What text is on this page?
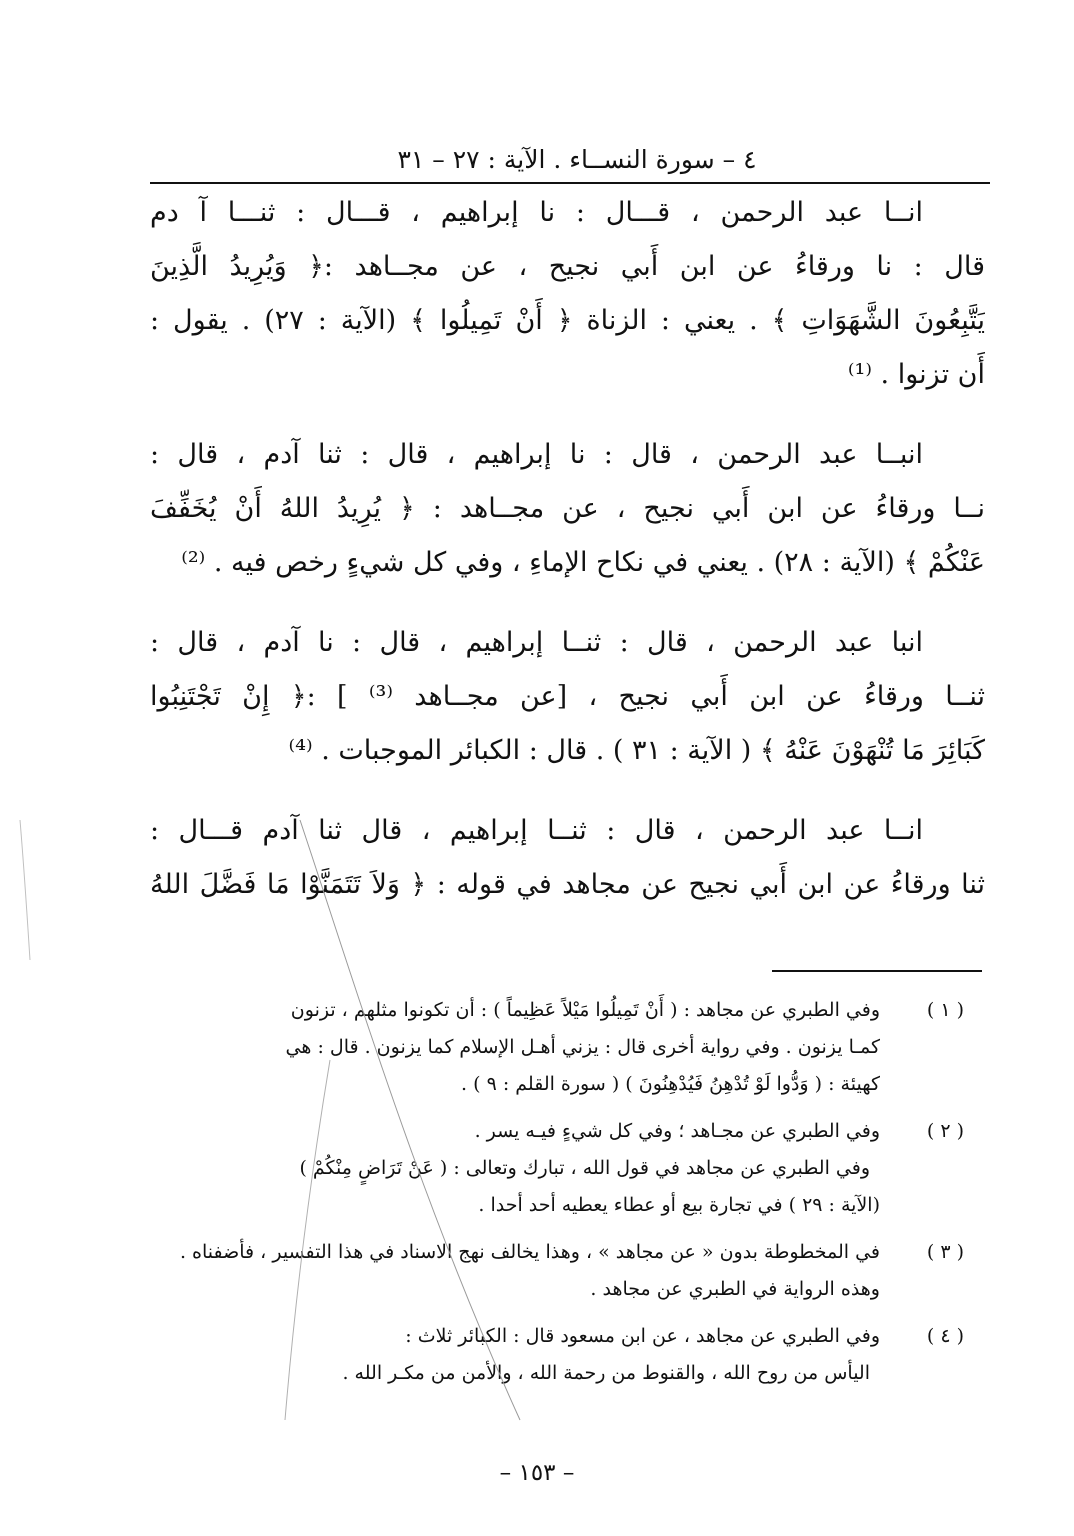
٤ – سورة النســاء . الآية : ٢٧ – ٣١
انــا عبد الرحمن ، قـــال : نا إبراهيم ، قـــال : ثنـــا آ دم
قال : نا ورقاءُ عن ابن أَبي نجيح ، عن مجــاهد :﴿ وَيُرِيدُ الَّذِينَ
يَتَّبِعُونَ الشَّهَوَاتِ ﴾ . يعني : الزناة ﴿ أَنْ تَمِيلُوا ﴾ (الآية : ٢٧) . يقول :
أَن تزنوا . ⁽¹⁾
انبــا عبد الرحمن ، قال : نا إبراهيم ، قال : ثنا آدم ، قال :
نــا ورقاءُ عن ابن أَبي نجيح ، عن مجــاهد : ﴿ يُرِيدُ اللهُ أَنْ يُخَفِّفَ
عَنْكُمْ ﴾ (الآية : ٢٨) . يعني في نكاح الإماءِ ، وفي كل شيءٍ رخص فيه . ⁽²⁾
انبا عبد الرحمن ، قال : ثنــا إبراهيم ، قال : نا آدم ، قال :
ثنــا ورقاءُ عن ابن أَبي نجيح ، [عن مجــاهد ⁽³⁾ ] :﴿ إِنْ تَجْتَنِبُوا
كَبَائِرَ مَا تُنْهَوْنَ عَنْهُ ﴾ ( الآية : ٣١ ) . قال : الكبائر الموجبات . ⁽⁴⁾
انــا عبد الرحمن ، قال : ثنــا إبراهيم ، قال ثنا آدم قـــال :
ثنا ورقاءُ عن ابن أَبي نجيح عن مجاهد في قوله : ﴿ وَلاَ تَتَمَنَّوْا مَا فَضَّلَ اللهُ
( ١ )
وفي الطبري عن مجاهد : ( أَنْ تَمِيلُوا مَيْلاً عَظِيماً ) : أن تكونوا مثلهم ، تزنون
كمـا يزنون . وفي رواية أخرى قال : يزني أهـل الإسلام كما يزنون . قال : هي
كهيئة : ( وَدُّوا لَوْ تُدْهِنُ فَيُدْهِنُونَ ) ( سورة القلم : ٩ ) .
( ٢ )
وفي الطبري عن مجـاهد ؛ وفي كل شيءٍ فيـه يسر .
وفي الطبري عن مجاهد في قول الله ، تبارك وتعالى : ( عَنْ تَرَاضٍ مِنْكُمْ )
(الآية : ٢٩ ) في تجارة بيع أو عطاء يعطيه أحد أحدا .
( ٣ )
في المخطوطة بدون « عن مجاهد » ، وهذا يخالف نهج الاسناد في هذا التفسير ، فأضفناه .
وهذه الرواية في الطبري عن مجاهد .
( ٤ )
وفي الطبري عن مجاهد ، عن ابن مسعود قال : الكبائر ثلاث :
اليأس من روح الله ، والقنوط من رحمة الله ، والأمن من مكـر الله .
– ١٥٣ –
